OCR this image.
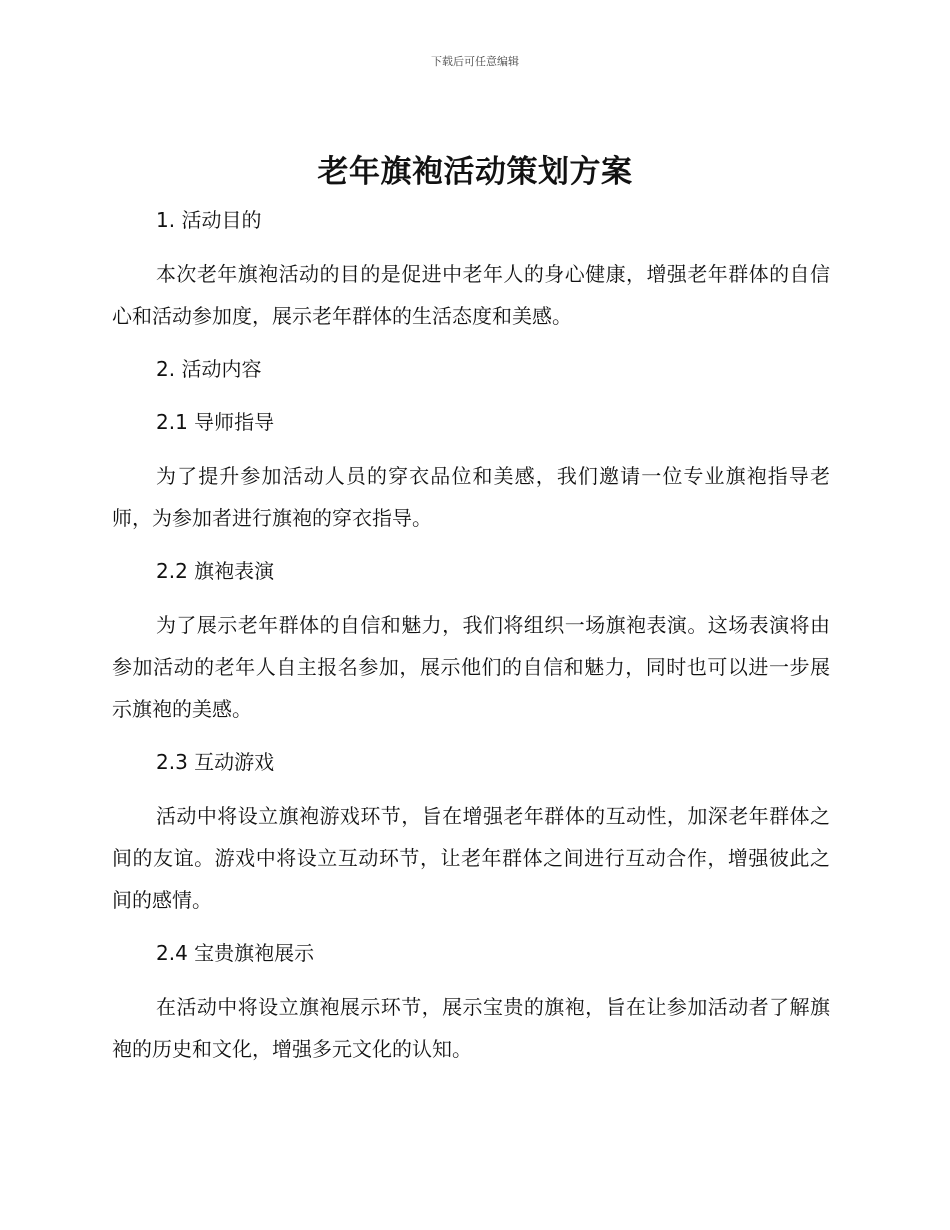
下载后可任意编辑
老年旗袍活动策划方案
1. 活动目的

本次老年旗袍活动的目的是促进中老年人的身心健康，增强老年群体的自信心和活动参加度，展示老年群体的生活态度和美感。

2. 活动内容
2.1 导师指导

为了提升参加活动人员的穿衣品位和美感，我们邀请一位专业旗袍指导老师，为参加者进行旗袍的穿衣指导。

2.2 旗袍表演

为了展示老年群体的自信和魅力，我们将组织一场旗袍表演。这场表演将由参加活动的老年人自主报名参加，展示他们的自信和魅力，同时也可以进一步展示旗袍的美感。

2.3 互动游戏

活动中将设立旗袍游戏环节，旨在增强老年群体的互动性，加深老年群体之间的友谊。游戏中将设立互动环节，让老年群体之间进行互动合作，增强彼此之间的感情。

2.4 宝贵旗袍展示

在活动中将设立旗袍展示环节，展示宝贵的旗袍，旨在让参加活动者了解旗袍的历史和文化，增强多元文化的认知。
